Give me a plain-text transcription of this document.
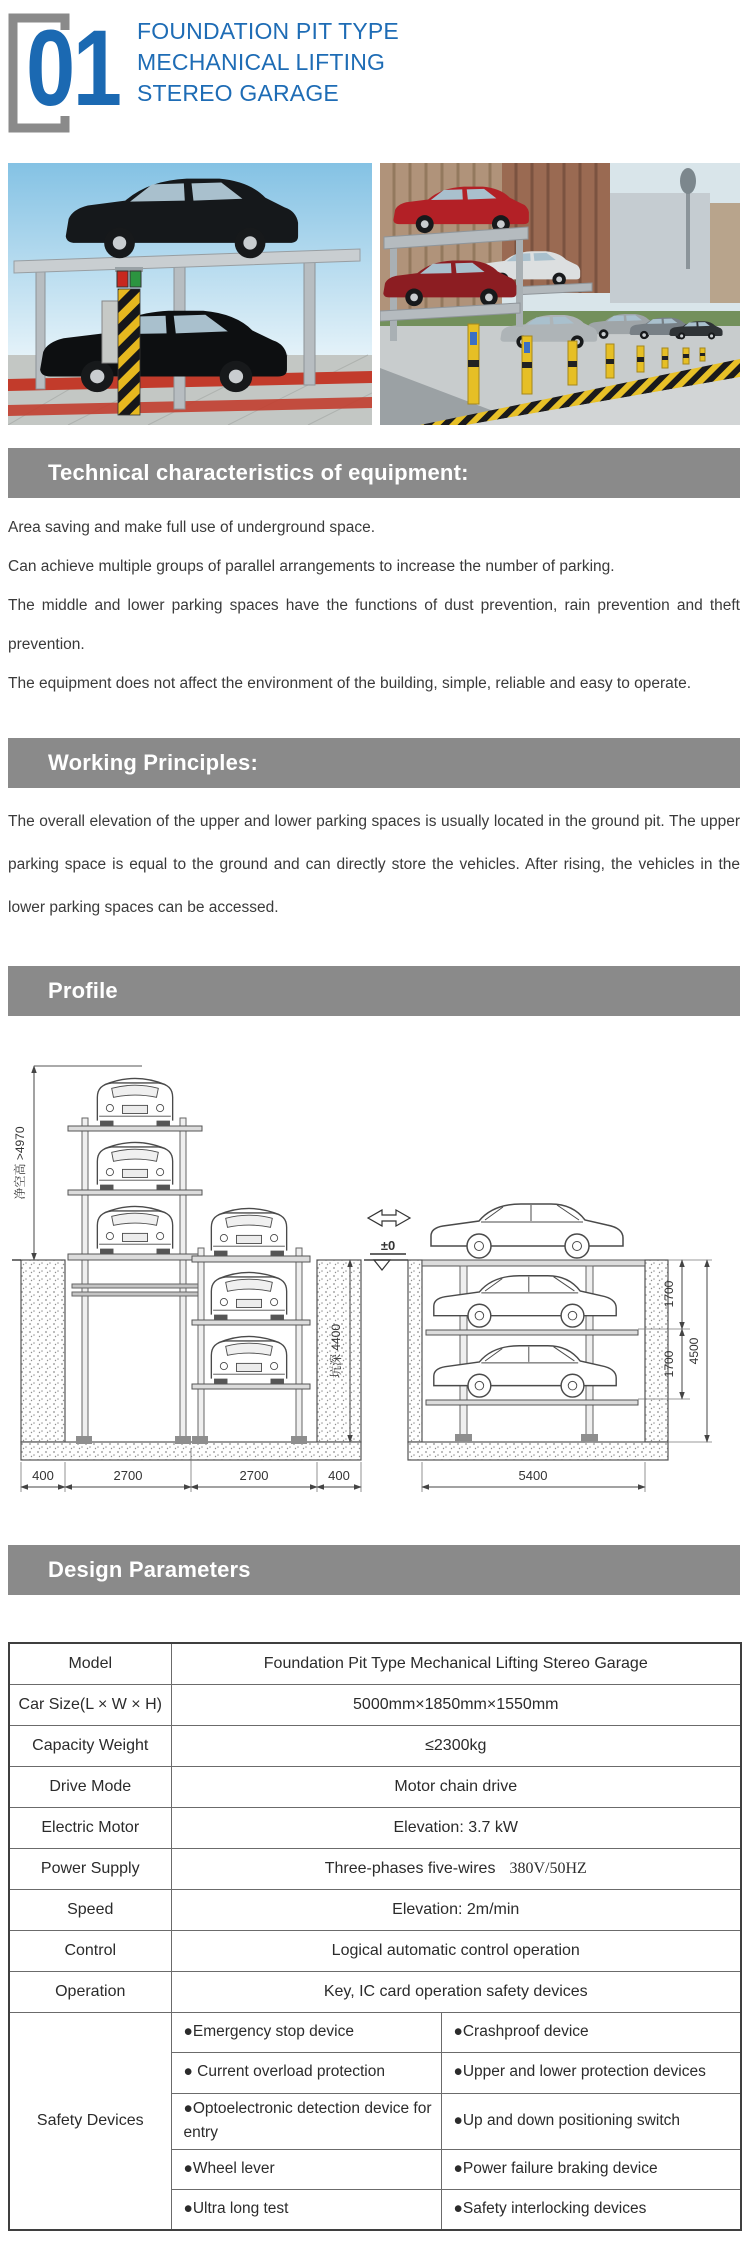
01 FOUNDATION PIT TYPE
MECHANICAL LIFTING
STEREO GARAGE
Technical characteristics of equipment:

Area saving and make full use of underground space.

Can achieve multiple groups of parallel arrangements to increase the number of parking.

The middle and lower parking spaces have the functions of dust prevention, rain prevention and theft prevention.

The equipment does not affect the environment of the building, simple, reliable and easy to operate.

Working Principles:

The overall elevation of the upper and lower parking spaces is usually located in the ground pit. The upper parking space is equal to the ground and can directly store the vehicles. After rising, the vehicles in the lower parking spaces can be accessed.

Profile
净空高 >4970
坑深 4400
400	2700	2700	400
±0
1700
1700 4500
5400
Design Parameters
Model	Foundation Pit Type Mechanical Lifting Stereo Garage	
Car Size(L × W × H)	5000mm×1850mm×1550mm	
Capacity Weight	≤2300kg	
Drive Mode	Motor chain drive	
Electric Motor	Elevation: 3.7 kW	
Power Supply	Three-phases five-wires 380V/50HZ	
Speed	Elevation: 2m/min	
Control	Logical automatic control operation	
Operation	Key, IC card operation safety devices	
Safety Devices	●Emergency stop device	●Crashproof device
	● Current overload protection	●Upper and lower protection devices
	●Optoelectronic detection device for entry	●Up and down positioning switch
	●Wheel lever	●Power failure braking device
	●Ultra long test	●Safety interlocking devices
